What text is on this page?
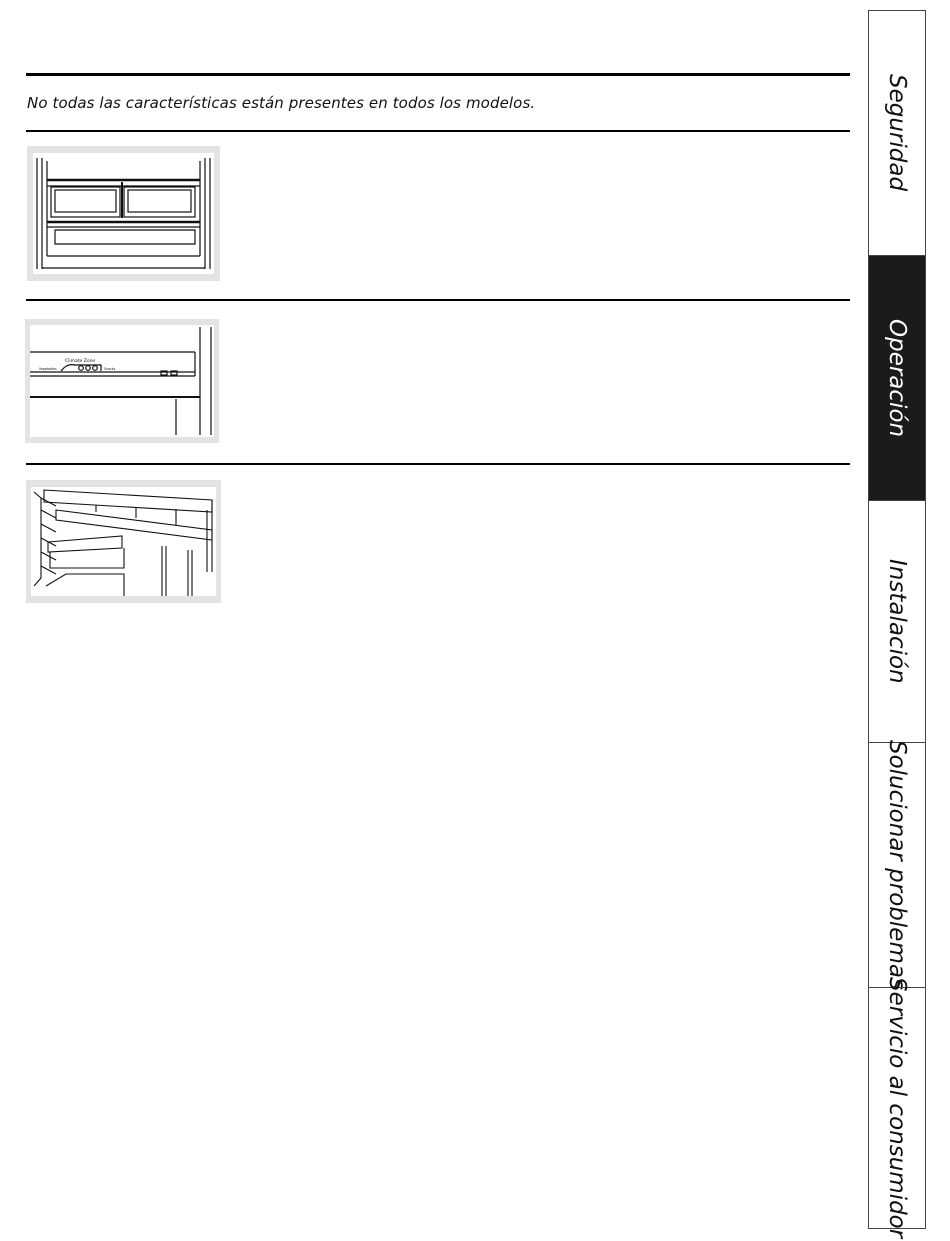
No todas las características están presentes en todos los modelos.
Climate Zone
Vegetables	Snacks
Seguridad
Operación
Instalación
Solucionar problemas
Servicio al consumidor
